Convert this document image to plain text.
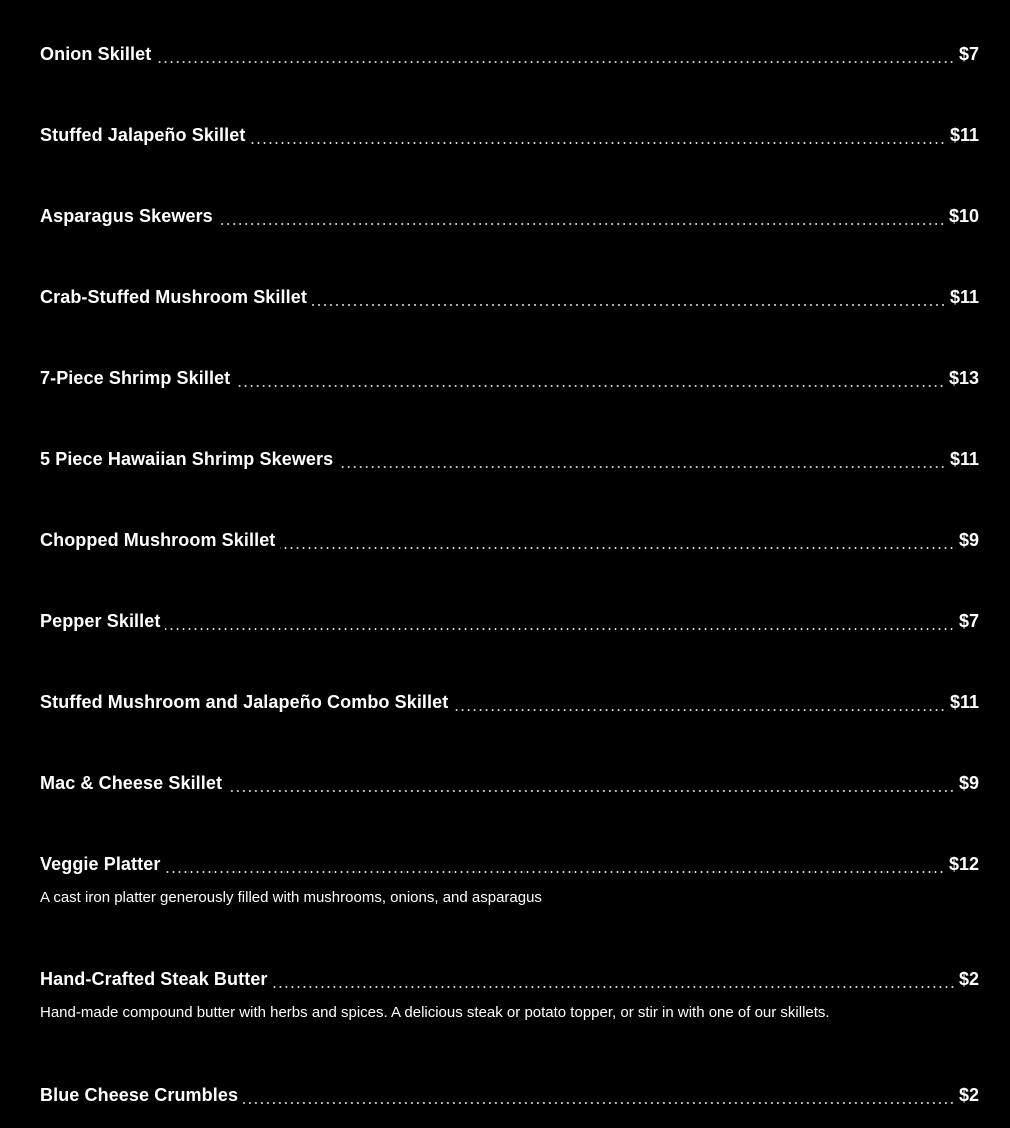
Onion Skillet	$7
Stuffed Jalapeño Skillet	$11
Asparagus Skewers	$10
Crab-Stuffed Mushroom Skillet	$11
7-Piece Shrimp Skillet	$13
5 Piece Hawaiian Shrimp Skewers	$11
Chopped Mushroom Skillet	$9
Pepper Skillet	$7
Stuffed Mushroom and Jalapeño Combo Skillet	$11
Mac & Cheese Skillet	$9
Veggie Platter	$12
A cast iron platter generously filled with mushrooms, onions, and asparagus
Hand-Crafted Steak Butter	$2
Hand-made compound butter with herbs and spices. A delicious steak or potato topper, or stir in with one of our skillets.
Blue Cheese Crumbles	$2
